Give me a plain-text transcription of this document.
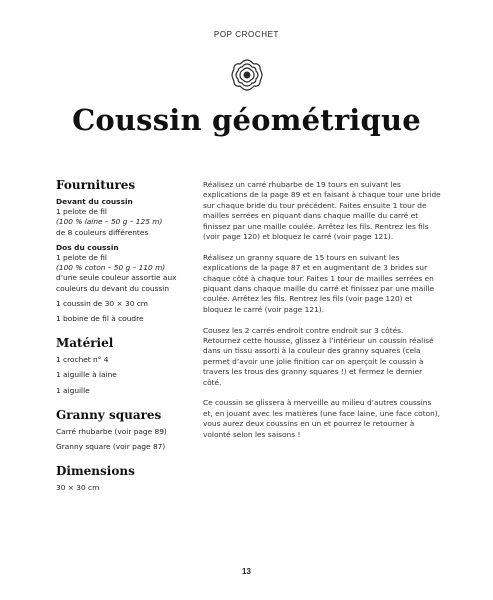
POP CROCHET
Coussin géométrique
Fournitures
Devant du coussin
1 pelote de fil
(100 % laine – 50 g – 125 m)
de 8 couleurs différentes
Dos du coussin
1 pelote de fil
(100 % coton – 50 g – 110 m)
d’une seule couleur assortie aux couleurs du devant du coussin
1 coussin de 30 × 30 cm
1 bobine de fil à coudre
Matériel
1 crochet n° 4
1 aiguille à laine
1 aiguille
Granny squares
Carré rhubarbe (voir page 89)
Granny square (voir page 87)
Dimensions
30 × 30 cm

Réalisez un carré rhubarbe de 19 tours en suivant les explications de la page 89 et en faisant à chaque tour une bride sur chaque bride du tour précédent. Faites ensuite 1 tour de mailles serrées en piquant dans chaque maille du carré et finissez par une maille coulée. Arrêtez les fils. Rentrez les fils (voir page 120) et bloquez le carré (voir page 121).

Réalisez un granny square de 15 tours en suivant les explications de la page 87 et en augmentant de 3 brides sur chaque côté à chaque tour. Faites 1 tour de mailles serrées en piquant dans chaque maille du carré et finissez par une maille coulée. Arrêtez les fils. Rentrez les fils (voir page 120) et bloquez le carré (voir page 121).

Cousez les 2 carrés endroit contre endroit sur 3 côtés. Retournez cette housse, glissez à l’intérieur un coussin réalisé dans un tissu assorti à la couleur des granny squares (cela permet d’avoir une jolie finition car on aperçoit le coussin à travers les trous des granny squares !) et fermez le dernier côté.

Ce coussin se glissera à merveille au milieu d’autres coussins et, en jouant avec les matières (une face laine, une face coton), vous aurez deux coussins en un et pourrez le retourner à volonté selon les saisons !

13
